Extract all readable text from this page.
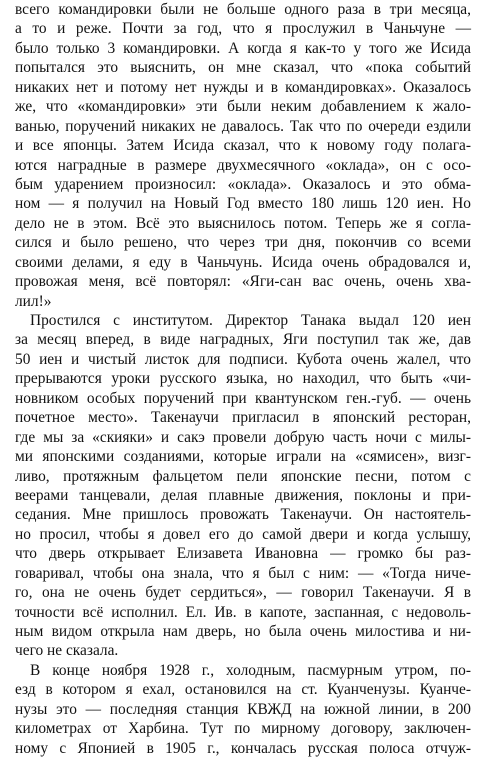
всего командировки были не больше одного раза в три месяца,
а то и реже. Почти за год, что я прослужил в Чаньчуне —
было только 3 командировки. А когда я как-то у того же Исида
попытался это выяснить, он мне сказал, что «пока событий
никаких нет и потому нет нужды и в командировках». Оказалось
же, что «командировки» эти были неким добавлением к жало-
ванью, поручений никаких не давалось. Так что по очереди ездили
и все японцы. Затем Исида сказал, что к новому году полага-
ются наградные в размере двухмесячного «оклада», он с осо-
бым ударением произносил: «оклада». Оказалось и это обма-
ном — я получил на Новый Год вместо 180 лишь 120 иен. Но
дело не в этом. Всё это выяснилось потом. Теперь же я согла-
сился и было решено, что через три дня, покончив со всеми
своими делами, я еду в Чаньчунь. Исида очень обрадовался и,
провожая меня, всё повторял: «Яги-сан вас очень, очень хва-
лил!»
Простился с институтом. Директор Танака выдал 120 иен
за месяц вперед, в виде наградных, Яги поступил так же, дав
50 иен и чистый листок для подписи. Кубота очень жалел, что
прерываются уроки русского языка, но находил, что быть «чи-
новником особых поручений при квантунском ген.-губ. — очень
почетное место». Такенаучи пригласил в японский ресторан,
где мы за «скияки» и сакэ провели добрую часть ночи с милы-
ми японскими созданиями, которые играли на «сямисен», визг-
ливо, протяжным фальцетом пели японские песни, потом с
веерами танцевали, делая плавные движения, поклоны и при-
седания. Мне пришлось провожать Такенаучи. Он настоятель-
но просил, чтобы я довел его до самой двери и когда услышу,
что дверь открывает Елизавета Ивановна — громко бы раз-
говаривал, чтобы она знала, что я был с ним: — «Тогда ниче-
го, она не очень будет сердиться», — говорил Такенаучи. Я в
точности всё исполнил. Ел. Ив. в капоте, заспанная, с недоволь-
ным видом открыла нам дверь, но была очень милостива и ни-
чего не сказала.
В конце ноября 1928 г., холодным, пасмурным утром, по-
езд в котором я ехал, остановился на ст. Куанченузы. Куанче-
нузы это — последняя станция КВЖД на южной линии, в 200
километрах от Харбина. Тут по мирному договору, заключен-
ному с Японией в 1905 г., кончалась русская полоса отчуж-
